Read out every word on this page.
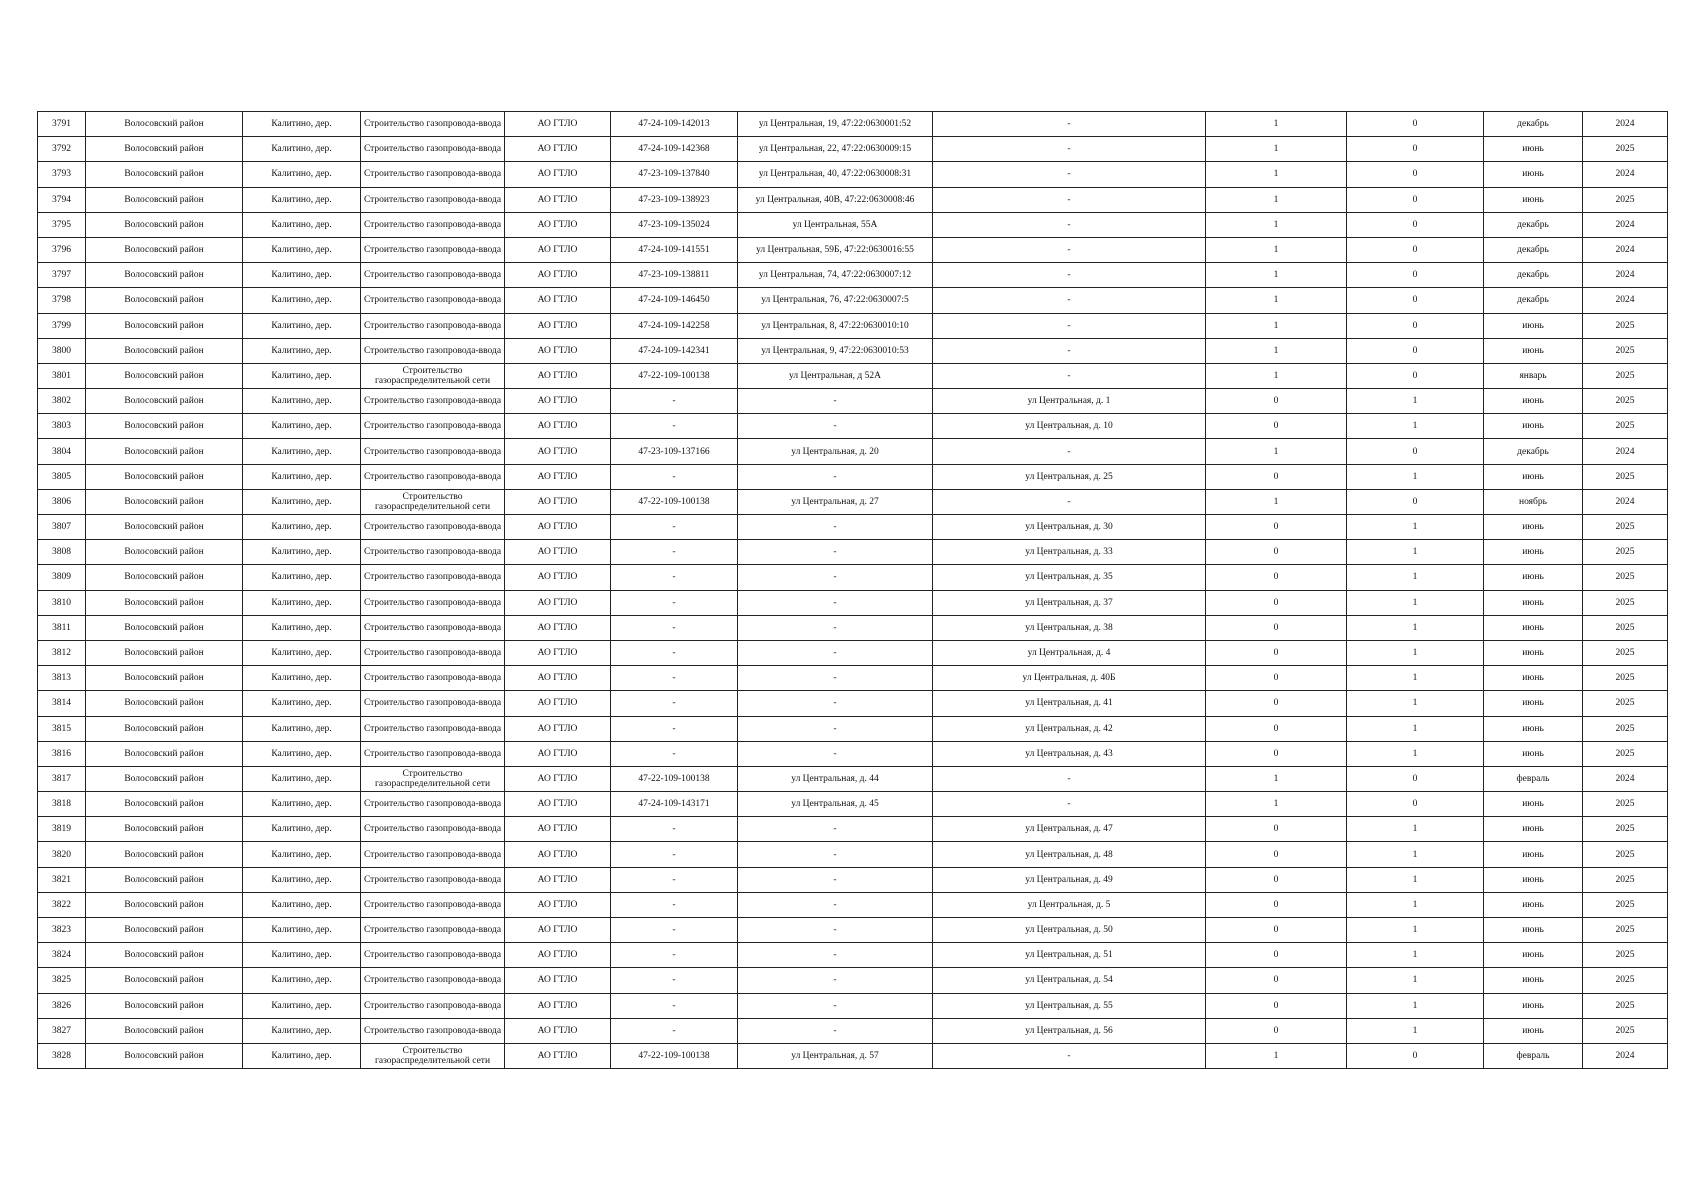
3791	Волосовский район	Калитино, дер.	Строительство газопровода-ввода	АО ГТЛО	47-24-109-142013	ул Центральная, 19, 47:22:0630001:52	-	1	0	декабрь	2024
3792	Волосовский район	Калитино, дер.	Строительство газопровода-ввода	АО ГТЛО	47-24-109-142368	ул Центральная, 22, 47:22:0630009:15	-	1	0	июнь	2025
3793	Волосовский район	Калитино, дер.	Строительство газопровода-ввода	АО ГТЛО	47-23-109-137840	ул Центральная, 40, 47:22:0630008:31	-	1	0	июнь	2024
3794	Волосовский район	Калитино, дер.	Строительство газопровода-ввода	АО ГТЛО	47-23-109-138923	ул Центральная, 40В, 47:22:0630008:46	-	1	0	июнь	2025
3795	Волосовский район	Калитино, дер.	Строительство газопровода-ввода	АО ГТЛО	47-23-109-135024	ул Центральная, 55А	-	1	0	декабрь	2024
3796	Волосовский район	Калитино, дер.	Строительство газопровода-ввода	АО ГТЛО	47-24-109-141551	ул Центральная, 59Б, 47:22:0630016:55	-	1	0	декабрь	2024
3797	Волосовский район	Калитино, дер.	Строительство газопровода-ввода	АО ГТЛО	47-23-109-138811	ул Центральная, 74, 47:22:0630007:12	-	1	0	декабрь	2024
3798	Волосовский район	Калитино, дер.	Строительство газопровода-ввода	АО ГТЛО	47-24-109-146450	ул Центральная, 76, 47:22:0630007:5	-	1	0	декабрь	2024
3799	Волосовский район	Калитино, дер.	Строительство газопровода-ввода	АО ГТЛО	47-24-109-142258	ул Центральная, 8, 47:22:0630010:10	-	1	0	июнь	2025
3800	Волосовский район	Калитино, дер.	Строительство газопровода-ввода	АО ГТЛО	47-24-109-142341	ул Центральная, 9, 47:22:0630010:53	-	1	0	июнь	2025
3801	Волосовский район	Калитино, дер.	Строительство газораспределительной сети	АО ГТЛО	47-22-109-100138	ул Центральная, д 52А	-	1	0	январь	2025
3802	Волосовский район	Калитино, дер.	Строительство газопровода-ввода	АО ГТЛО	-	-	ул Центральная, д. 1	0	1	июнь	2025
3803	Волосовский район	Калитино, дер.	Строительство газопровода-ввода	АО ГТЛО	-	-	ул Центральная, д. 10	0	1	июнь	2025
3804	Волосовский район	Калитино, дер.	Строительство газопровода-ввода	АО ГТЛО	47-23-109-137166	ул Центральная, д. 20	-	1	0	декабрь	2024
3805	Волосовский район	Калитино, дер.	Строительство газопровода-ввода	АО ГТЛО	-	-	ул Центральная, д. 25	0	1	июнь	2025
3806	Волосовский район	Калитино, дер.	Строительство газораспределительной сети	АО ГТЛО	47-22-109-100138	ул Центральная, д. 27	-	1	0	ноябрь	2024
3807	Волосовский район	Калитино, дер.	Строительство газопровода-ввода	АО ГТЛО	-	-	ул Центральная, д. 30	0	1	июнь	2025
3808	Волосовский район	Калитино, дер.	Строительство газопровода-ввода	АО ГТЛО	-	-	ул Центральная, д. 33	0	1	июнь	2025
3809	Волосовский район	Калитино, дер.	Строительство газопровода-ввода	АО ГТЛО	-	-	ул Центральная, д. 35	0	1	июнь	2025
3810	Волосовский район	Калитино, дер.	Строительство газопровода-ввода	АО ГТЛО	-	-	ул Центральная, д. 37	0	1	июнь	2025
3811	Волосовский район	Калитино, дер.	Строительство газопровода-ввода	АО ГТЛО	-	-	ул Центральная, д. 38	0	1	июнь	2025
3812	Волосовский район	Калитино, дер.	Строительство газопровода-ввода	АО ГТЛО	-	-	ул Центральная, д. 4	0	1	июнь	2025
3813	Волосовский район	Калитино, дер.	Строительство газопровода-ввода	АО ГТЛО	-	-	ул Центральная, д. 40Б	0	1	июнь	2025
3814	Волосовский район	Калитино, дер.	Строительство газопровода-ввода	АО ГТЛО	-	-	ул Центральная, д. 41	0	1	июнь	2025
3815	Волосовский район	Калитино, дер.	Строительство газопровода-ввода	АО ГТЛО	-	-	ул Центральная, д. 42	0	1	июнь	2025
3816	Волосовский район	Калитино, дер.	Строительство газопровода-ввода	АО ГТЛО	-	-	ул Центральная, д. 43	0	1	июнь	2025
3817	Волосовский район	Калитино, дер.	Строительство газораспределительной сети	АО ГТЛО	47-22-109-100138	ул Центральная, д. 44	-	1	0	февраль	2024
3818	Волосовский район	Калитино, дер.	Строительство газопровода-ввода	АО ГТЛО	47-24-109-143171	ул Центральная, д. 45	-	1	0	июнь	2025
3819	Волосовский район	Калитино, дер.	Строительство газопровода-ввода	АО ГТЛО	-	-	ул Центральная, д. 47	0	1	июнь	2025
3820	Волосовский район	Калитино, дер.	Строительство газопровода-ввода	АО ГТЛО	-	-	ул Центральная, д. 48	0	1	июнь	2025
3821	Волосовский район	Калитино, дер.	Строительство газопровода-ввода	АО ГТЛО	-	-	ул Центральная, д. 49	0	1	июнь	2025
3822	Волосовский район	Калитино, дер.	Строительство газопровода-ввода	АО ГТЛО	-	-	ул Центральная, д. 5	0	1	июнь	2025
3823	Волосовский район	Калитино, дер.	Строительство газопровода-ввода	АО ГТЛО	-	-	ул Центральная, д. 50	0	1	июнь	2025
3824	Волосовский район	Калитино, дер.	Строительство газопровода-ввода	АО ГТЛО	-	-	ул Центральная, д. 51	0	1	июнь	2025
3825	Волосовский район	Калитино, дер.	Строительство газопровода-ввода	АО ГТЛО	-	-	ул Центральная, д. 54	0	1	июнь	2025
3826	Волосовский район	Калитино, дер.	Строительство газопровода-ввода	АО ГТЛО	-	-	ул Центральная, д. 55	0	1	июнь	2025
3827	Волосовский район	Калитино, дер.	Строительство газопровода-ввода	АО ГТЛО	-	-	ул Центральная, д. 56	0	1	июнь	2025
3828	Волосовский район	Калитино, дер.	Строительство газораспределительной сети	АО ГТЛО	47-22-109-100138	ул Центральная, д. 57	-	1	0	февраль	2024
